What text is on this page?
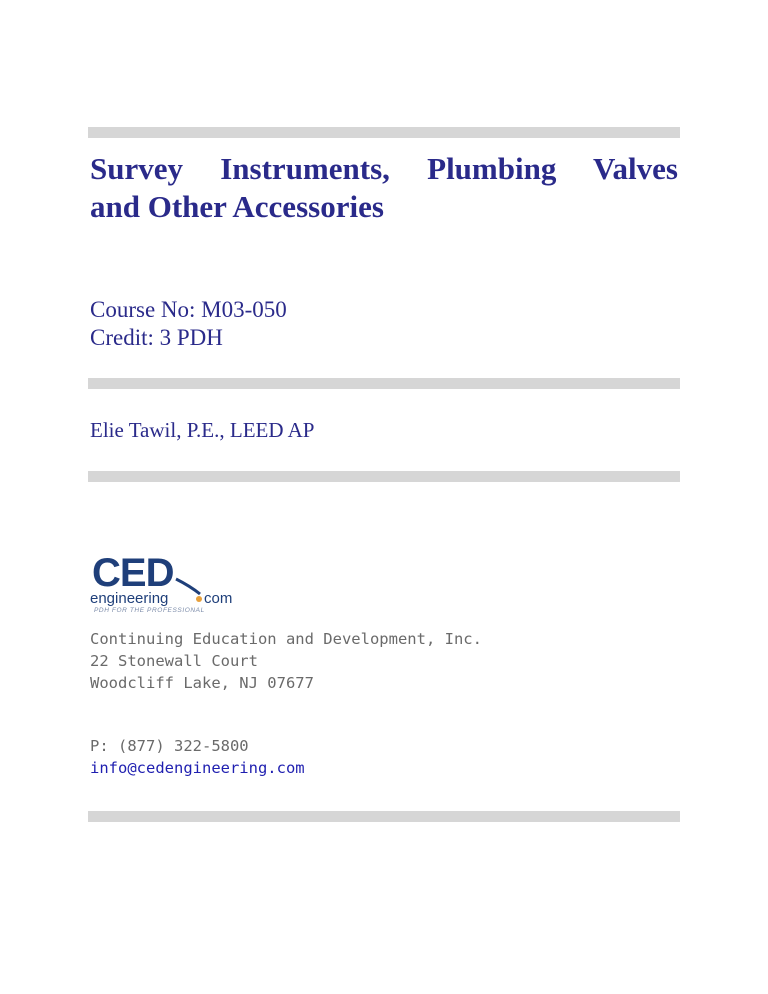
Survey Instruments, Plumbing Valves
and Other Accessories
Course No: M03-050
Credit: 3 PDH
Elie Tawil, P.E., LEED AP
CED
engineering com
PDH FOR THE PROFESSIONAL
Continuing Education and Development, Inc.
22 Stonewall Court
Woodcliff Lake, NJ 07677
P: (877) 322-5800
info@cedengineering.com
